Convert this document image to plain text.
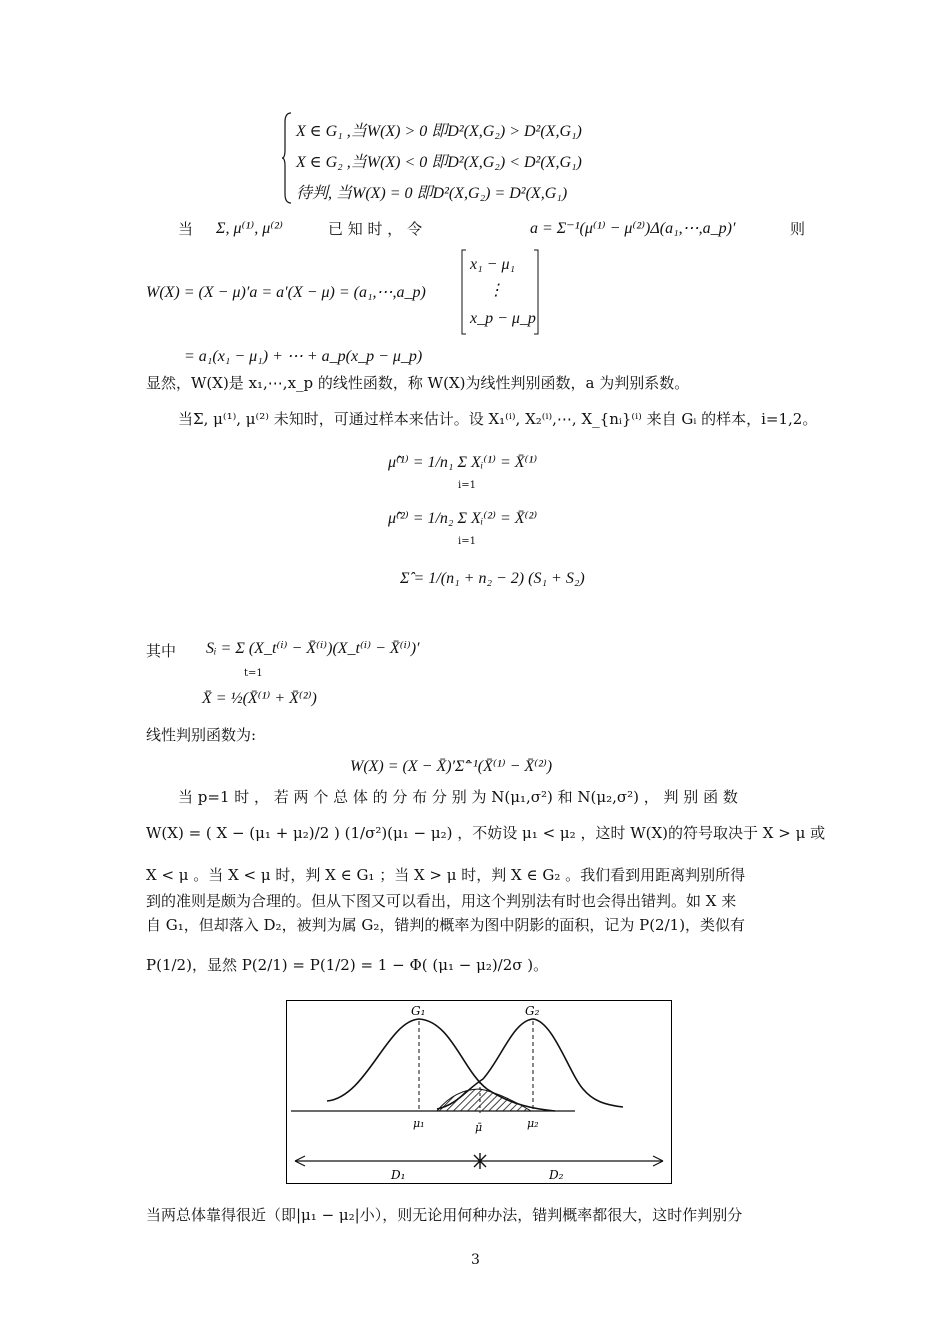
X ∈ G₁ ,当W(X) > 0 即D²(X,G₂) > D²(X,G₁)
X ∈ G₂ ,当W(X) < 0 即D²(X,G₂) < D²(X,G₁)
待判, 当W(X) = 0 即D²(X,G₂) = D²(X,G₁)
当 Σ, μ⁽¹⁾, μ⁽²⁾	已 知 时 ， 令	a = Σ⁻¹(μ⁽¹⁾ − μ⁽²⁾)Δ(a₁,⋯,a_p)′	则
W(X) = (X − μ)′a = a′(X − μ) = (a₁,⋯,a_p)
x₁ − μ₁
⋮
x_p − μ_p
= a₁(x₁ − μ₁) + ⋯ + a_p(x_p − μ_p)
显然，W(X)是 x₁,⋯,x_p 的线性函数，称 W(X)为线性判别函数，a 为判别系数。
当Σ, μ⁽¹⁾, μ⁽²⁾ 未知时，可通过样本来估计。设 X₁⁽ⁱ⁾, X₂⁽ⁱ⁾,⋯, X_{nᵢ}⁽ⁱ⁾ 来自 Gᵢ 的样本，i=1,2。
μ̂⁽¹⁾ = 1/n₁ Σ Xᵢ⁽¹⁾ = X̄⁽¹⁾
i=1
μ̂⁽²⁾ = 1/n₂ Σ Xᵢ⁽²⁾ = X̄⁽²⁾
i=1
Σ̂ = 1/(n₁ + n₂ − 2) (S₁ + S₂)
其中 Sᵢ = Σ (X_t⁽ⁱ⁾ − X̄⁽ⁱ⁾)(X_t⁽ⁱ⁾ − X̄⁽ⁱ⁾)′
t=1
X̄ = ½(X̄⁽¹⁾ + X̄⁽²⁾)
线性判别函数为:
W(X) = (X − X̄)′Σ̂⁻¹(X̄⁽¹⁾ − X̄⁽²⁾)
当 p=1 时 ， 若 两 个 总 体 的 分 布 分 别 为 N(μ₁,σ²) 和 N(μ₂,σ²) ， 判 别 函 数
W(X) = ( X − (μ₁ + μ₂)/2 ) (1/σ²)(μ₁ − μ₂) ，不妨设 μ₁ < μ₂ ，这时 W(X)的符号取决于 X > μ 或
X < μ 。当 X < μ 时，判 X ∈ G₁ ；当 X > μ 时，判 X ∈ G₂ 。我们看到用距离判别所得
到的准则是颇为合理的。但从下图又可以看出，用这个判别法有时也会得出错判。如 X 来
自 G₁，但却落入 D₂，被判为属 G₂，错判的概率为图中阴影的面积，记为 P(2/1)，类似有
P(1/2)，显然 P(2/1) = P(1/2) = 1 − Φ( (μ₁ − μ₂)/2σ )。
G₁	G₂
μ₁	μ̄	μ₂
D₁	D₂
当两总体靠得很近（即|μ₁ − μ₂|小），则无论用何种办法，错判概率都很大，这时作判别分
3
